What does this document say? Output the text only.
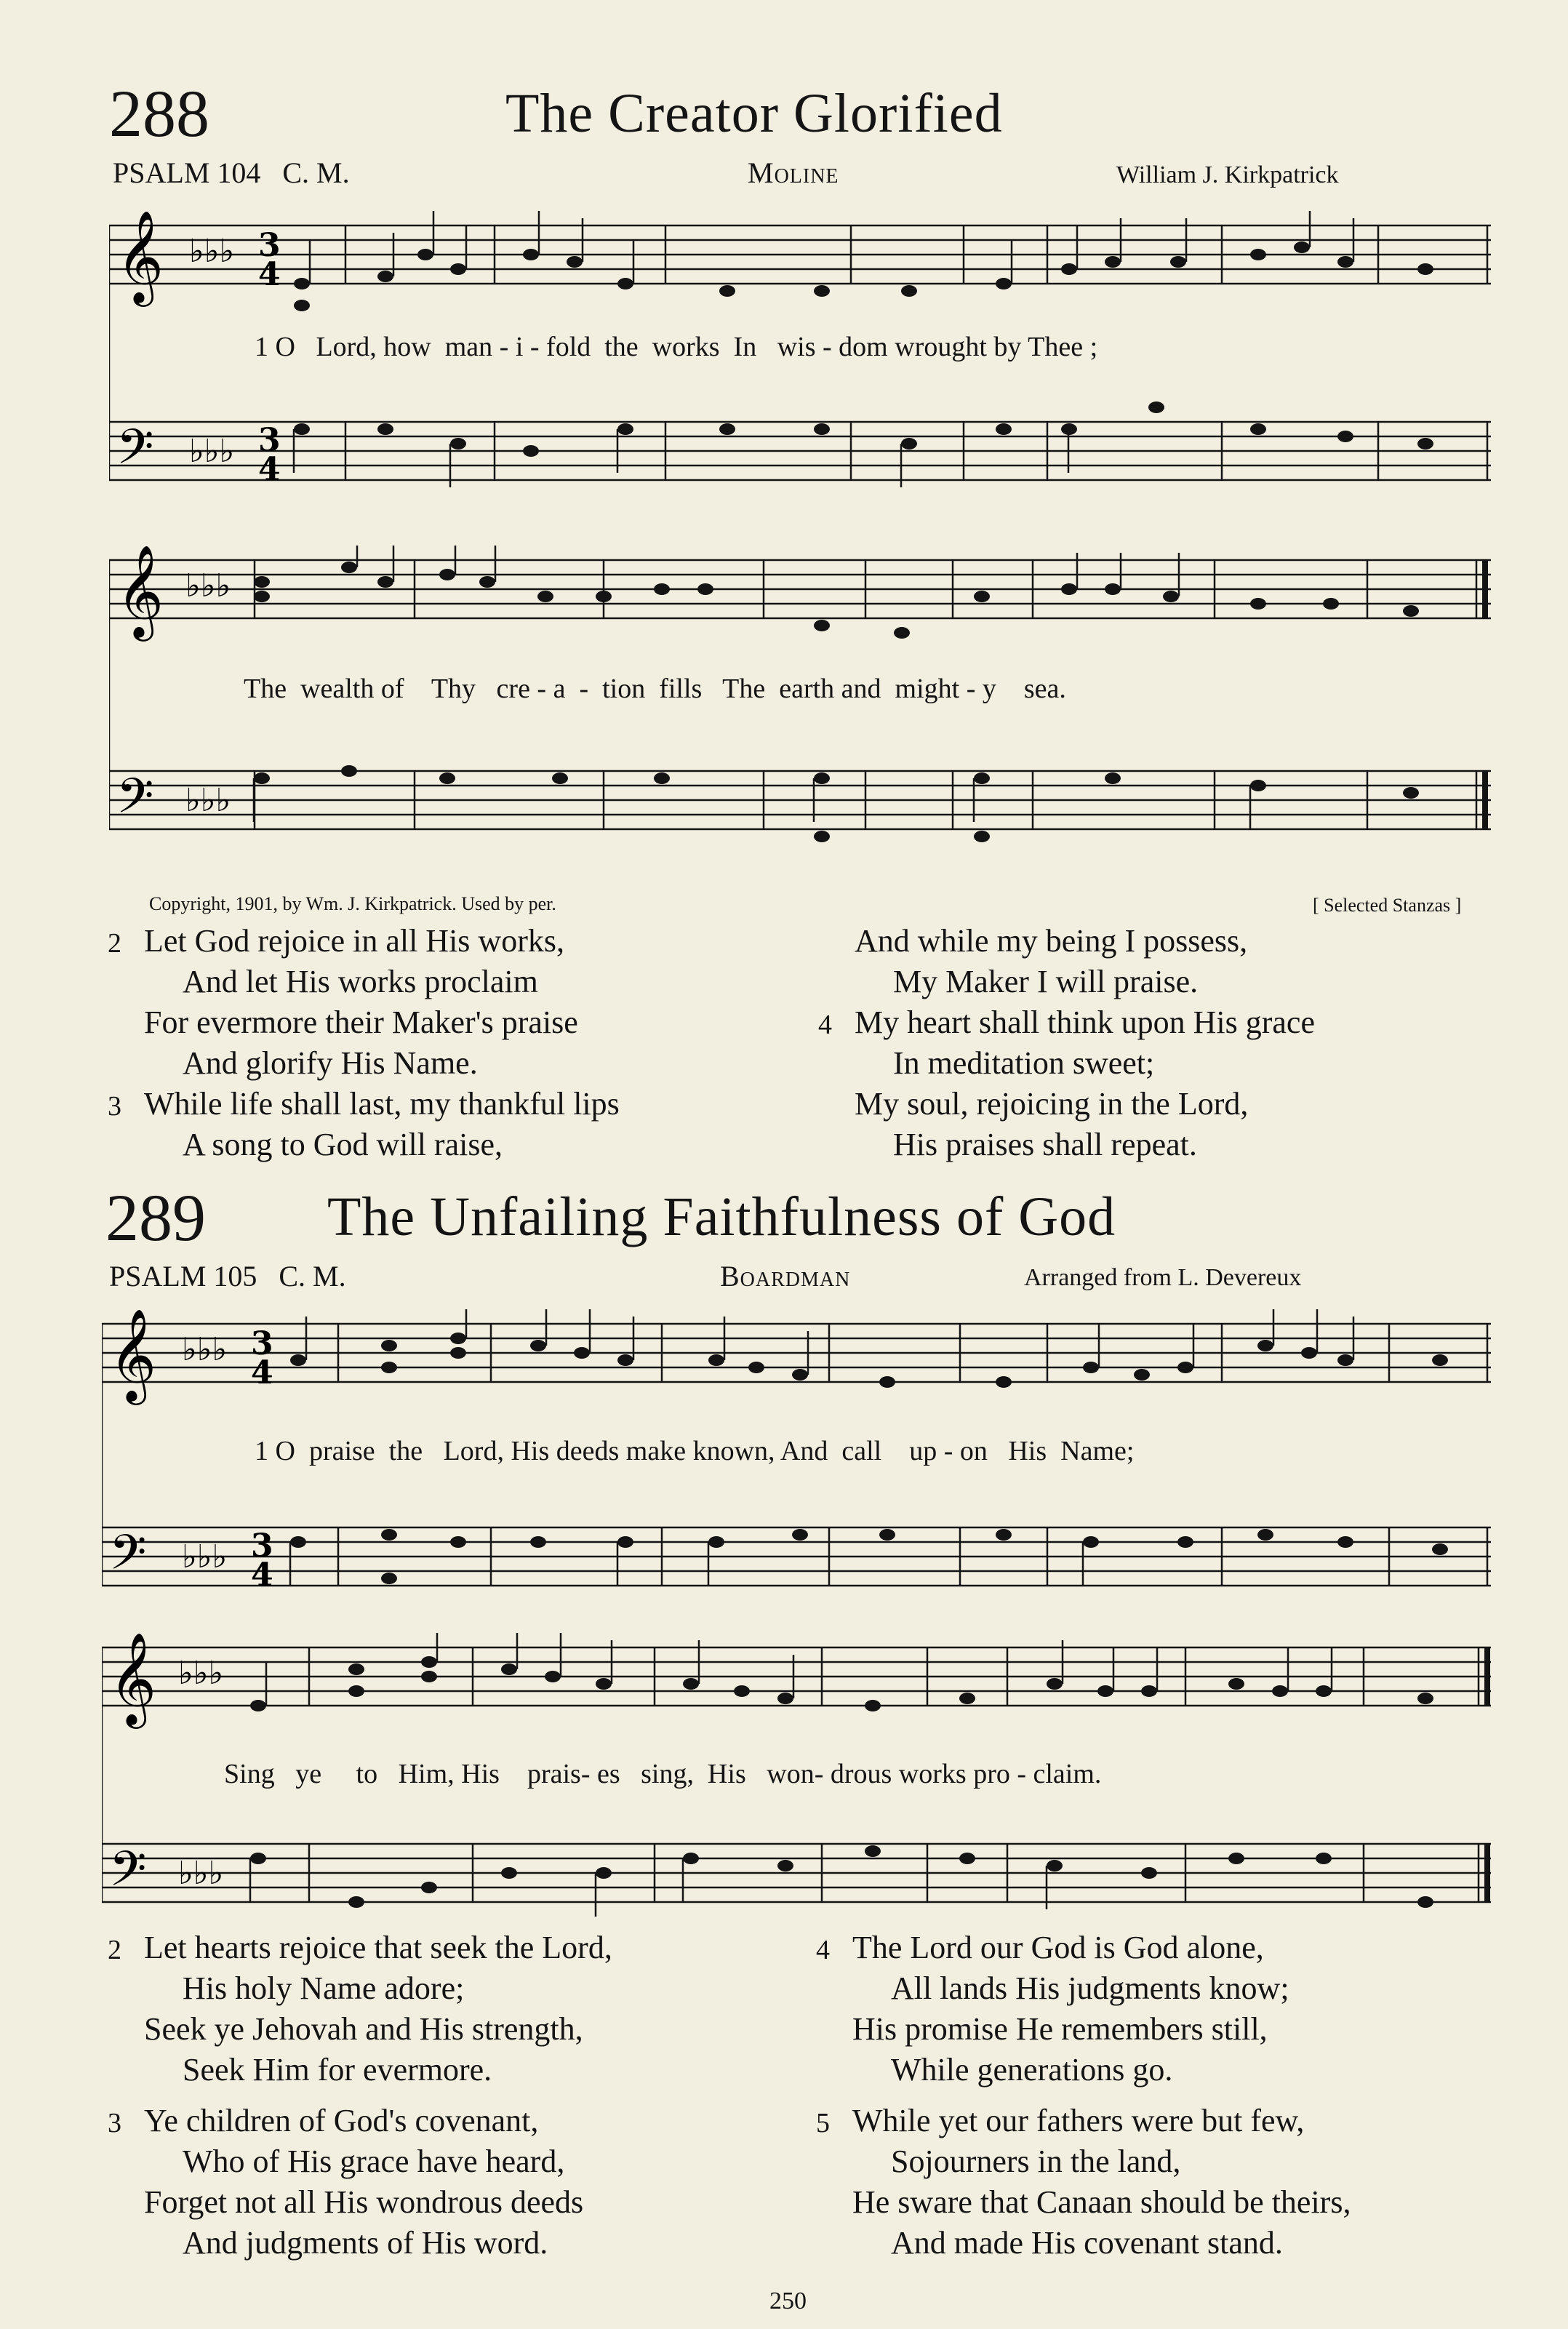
288	The Creator Glorified
PSALM 104   C. M.	Moline	William J. Kirkpatrick
𝄞
𝄢
♭♭♭
♭♭♭
3
4
3
4
1 O   Lord, how  man - i - fold  the  works  In   wis - dom wrought by Thee ;
𝄞
𝄢
♭♭♭
♭♭♭
The  wealth of    Thy   cre - a  -  tion  fills   The  earth and  might - y    sea.
Copyright, 1901, by Wm. J. Kirkpatrick. Used by per.	[ Selected Stanzas ]
2 Let God rejoice in all His works,
And let His works proclaim
For evermore their Maker's praise
And glorify His Name.
3 While life shall last, my thankful lips
A song to God will raise,
And while my being I possess,
My Maker I will praise.
4 My heart shall think upon His grace
In meditation sweet;
My soul, rejoicing in the Lord,
His praises shall repeat.
289 The Unfailing Faithfulness of God
PSALM 105   C. M.	Boardman	Arranged from L. Devereux
𝄞
𝄢
♭♭♭
♭♭♭
3
4
3
4
1 O  praise  the   Lord, His deeds make known, And  call    up - on   His  Name;
𝄞
𝄢
♭♭♭
♭♭♭
Sing   ye     to   Him, His    prais- es   sing,  His   won- drous works pro - claim.
2 Let hearts rejoice that seek the Lord,
His holy Name adore;
Seek ye Jehovah and His strength,
Seek Him for evermore.
3 Ye children of God's covenant,
Who of His grace have heard,
Forget not all His wondrous deeds
And judgments of His word.
4 The Lord our God is God alone,
All lands His judgments know;
His promise He remembers still,
While generations go.
5 While yet our fathers were but few,
Sojourners in the land,
He sware that Canaan should be theirs,
And made His covenant stand.
250
